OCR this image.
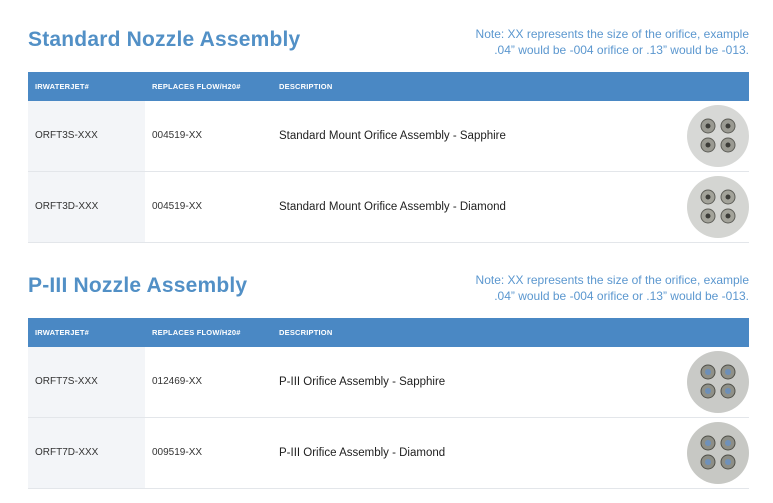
Standard Nozzle Assembly	Note: XX represents the size of the orifice, example
.04” would be -004 orifice or .13” would be -013.
IRWATERJET#	REPLACES FLOW/H20#	DESCRIPTION
ORFT3S-XXX	004519-XX	Standard Mount Orifice Assembly - Sapphire
ORFT3D-XXX	004519-XX	Standard Mount Orifice Assembly - Diamond
P-III Nozzle Assembly	Note: XX represents the size of the orifice, example
.04” would be -004 orifice or .13” would be -013.
IRWATERJET#	REPLACES FLOW/H20#	DESCRIPTION
ORFT7S-XXX	012469-XX	P-III Orifice Assembly - Sapphire
ORFT7D-XXX	009519-XX	P-III Orifice Assembly - Diamond
